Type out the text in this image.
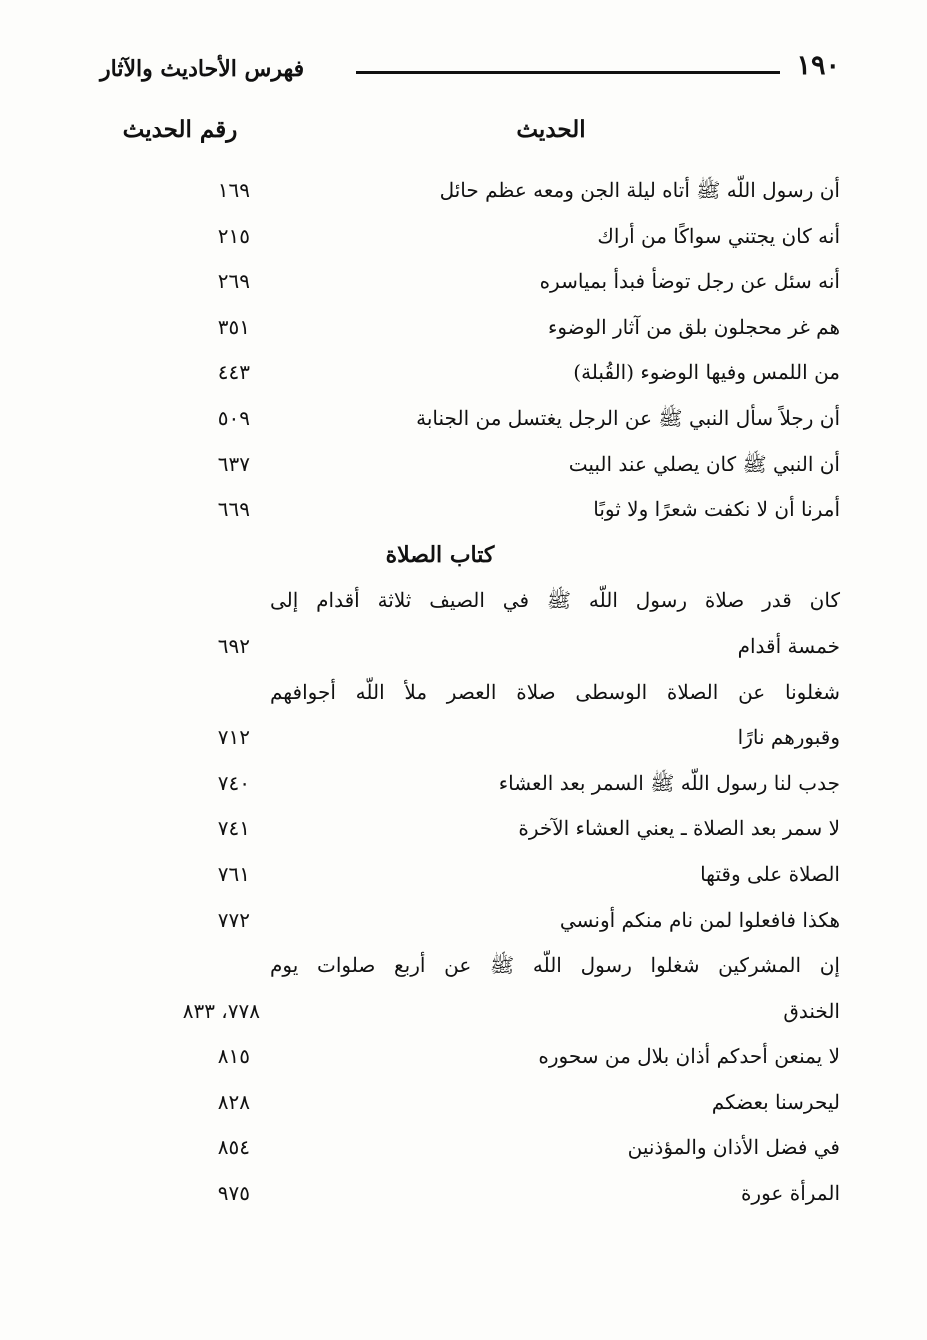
١٩٠
فهرس الأحاديث والآثار
الحديث
رقم الحديث
أن رسول اللّه ﷺ أتاه ليلة الجن ومعه عظم حائل
١٦٩
أنه كان يجتني سواكًا من أراك
٢١٥
أنه سئل عن رجل توضأ فبدأ بمياسره
٢٦٩
هم غر محجلون بلق من آثار الوضوء
٣٥١
من اللمس وفيها الوضوء (القُبلة)
٤٤٣
أن رجلاً سأل النبي ﷺ عن الرجل يغتسل من الجنابة
٥٠٩
أن النبي ﷺ كان يصلي عند البيت
٦٣٧
أمرنا أن لا نكفت شعرًا ولا ثوبًا
٦٦٩
كتاب الصلاة
كان قدر صلاة رسول اللّه ﷺ في الصيف ثلاثة أقدام إلى
خمسة أقدام
٦٩٢
شغلونا عن الصلاة الوسطى صلاة العصر ملأ اللّه أجوافهم
وقبورهم نارًا
٧١٢
جدب لنا رسول اللّه ﷺ السمر بعد العشاء
٧٤٠
لا سمر بعد الصلاة ـ يعني العشاء الآخرة
٧٤١
الصلاة على وقتها
٧٦١
هكذا فافعلوا لمن نام منكم أونسي
٧٧٢
إن المشركين شغلوا رسول اللّه ﷺ عن أربع صلوات يوم
الخندق
٧٧٨، ٨٣٣
لا يمنعن أحدكم أذان بلال من سحوره
٨١٥
ليحرسنا بعضكم
٨٢٨
في فضل الأذان والمؤذنين
٨٥٤
المرأة عورة
٩٧٥
